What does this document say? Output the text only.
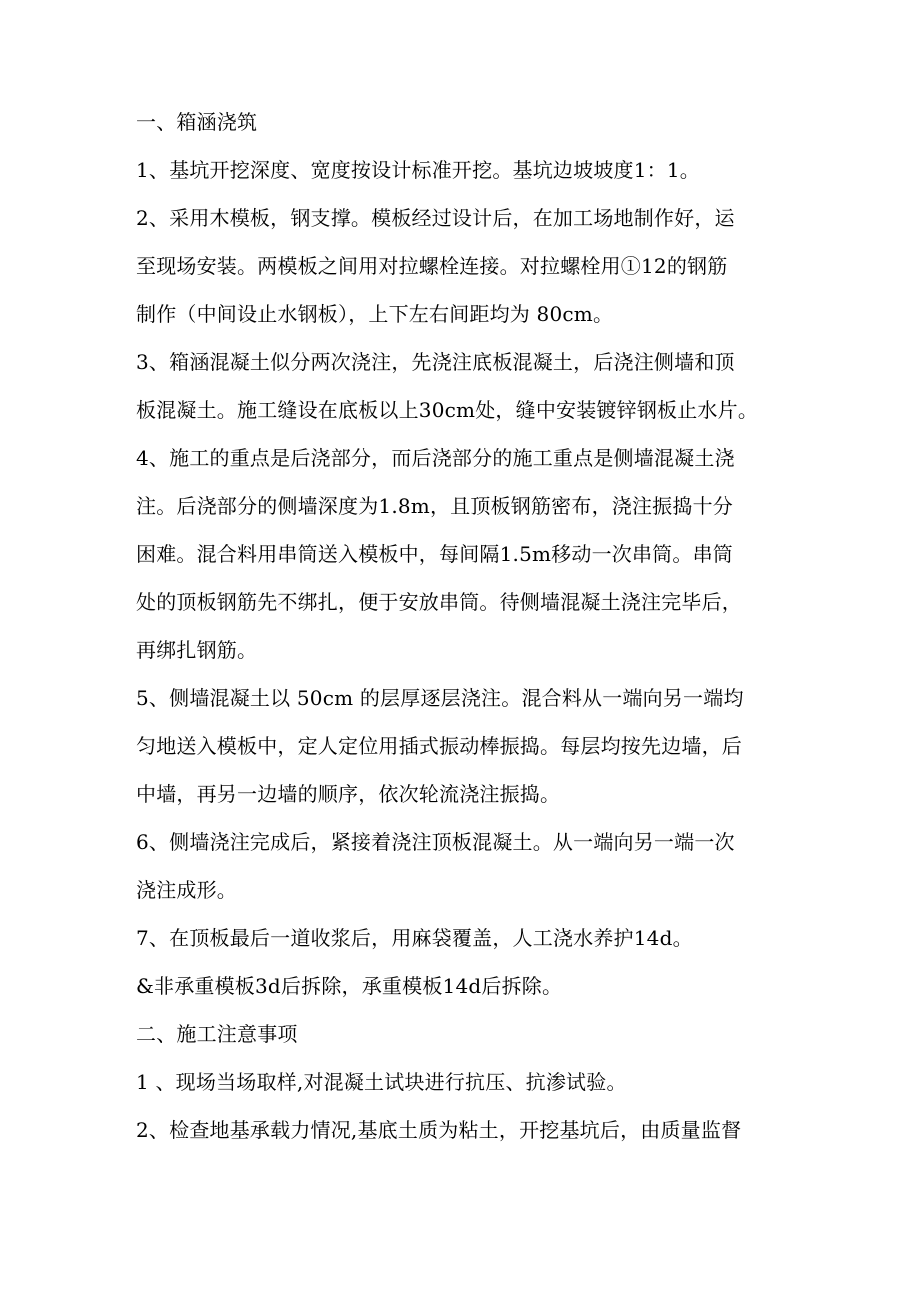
一、箱涵浇筑
1、基坑开挖深度、宽度按设计标准开挖。基坑边坡坡度1：1。
2、采用木模板，钢支撑。模板经过设计后，在加工场地制作好，运
至现场安装。两模板之间用对拉螺栓连接。对拉螺栓用①12的钢筋
制作（中间设止水钢板），上下左右间距均为 80cm。
3、箱涵混凝土似分两次浇注，先浇注底板混凝土，后浇注侧墙和顶
板混凝土。施工缝设在底板以上30cm处，缝中安装镀锌钢板止水片。
4、施工的重点是后浇部分，而后浇部分的施工重点是侧墙混凝土浇
注。后浇部分的侧墙深度为1.8m，且顶板钢筋密布，浇注振捣十分
困难。混合料用串筒送入模板中，每间隔1.5m移动一次串筒。串筒
处的顶板钢筋先不绑扎，便于安放串筒。待侧墙混凝土浇注完毕后，
再绑扎钢筋。
5、侧墙混凝土以 50cm 的层厚逐层浇注。混合料从一端向另一端均
匀地送入模板中，定人定位用插式振动棒振捣。每层均按先边墙，后
中墙，再另一边墙的顺序，依次轮流浇注振捣。
6、侧墙浇注完成后，紧接着浇注顶板混凝土。从一端向另一端一次
浇注成形。
7、在顶板最后一道收浆后，用麻袋覆盖，人工浇水养护14d。
&非承重模板3d后拆除，承重模板14d后拆除。
二、施工注意事项
1 、现场当场取样,对混凝土试块进行抗压、抗渗试验。
2、检查地基承载力情况,基底土质为粘土，开挖基坑后，由质量监督
